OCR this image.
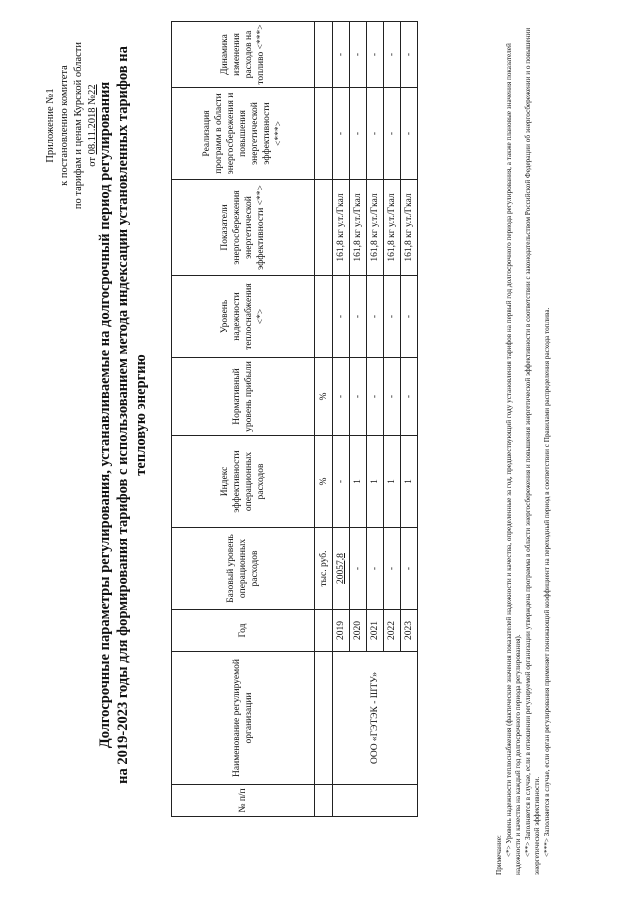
Приложение №1 к постановлению комитета по тарифам и ценам Курской области от 08.11.2018 №22 Долгосрочные параметры регулирования, устанавливаемые на долгосрочный период регулирования на 2019-2023 годы для формирования тарифов с использованием метода индексации установленных тарифов на тепловую энергию
№ п/п	Наименование регулируемой организации	Год	Базовый уровень операционных расходов	Индекс эффективности операционных расходов	Нормативный уровень прибыли	Уровень надежности теплоснабжения <*>	Показатели энергосбережения энергетической эффективности <**>	Реализация программ в области энергосбережения и повышения энергетической эффективности <***>	Динамика изменения расходов на топливо <***>
			тыс. руб.	%	%				
	ООО «ГЭТЭК - ШТУ»	2019	20057,8	-	-	-	161,8 кг у.т./Гкал	-	-
		2020	-	1	-	-	161,8 кг у.т./Гкал	-	-
		2021	-	1	-	-	161,8 кг у.т./Гкал	-	-
		2022	-	1	-	-	161,8 кг у.т./Гкал	-	-
		2023	-	1	-	-	161,8 кг у.т./Гкал	-	-

Примечание: <*> Уровень надежности теплоснабжения (фактические значения показателей надежности и качества, определенные за год, предшествующий году установления тарифов на первый год долгосрочного периода регулирования, а также плановые значения показателей надежности и качества на каждый год долгосрочного периода регулирования). <**> Заполняется в случае, если в отношении регулируемой организации утверждена программа в области энергосбережения и повышения энергетической эффективности в соответствии с законодательством Российской Федерации об энергосбережении и о повышении энергетической эффективности. <***> Заполняется в случае, если орган регулирования применяет понижающий коэффициент на переходный период в соответствии с Правилами распределения расхода топлива.
